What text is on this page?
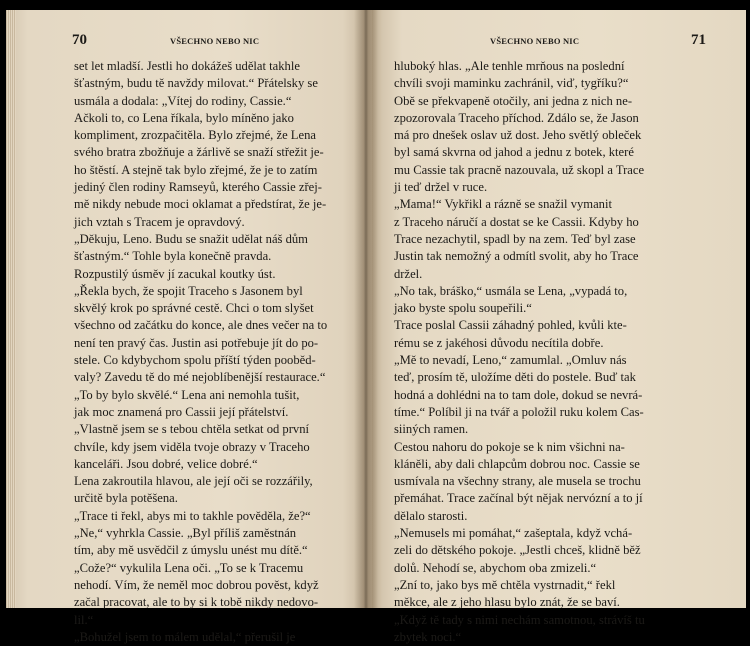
70	VŠECHNO NEBO NIC
set let mladší. Jestli ho dokážeš udělat takhle
šťastným, budu tě navždy milovat.“ Přátelsky se
usmála a dodala: „Vítej do rodiny, Cassie.“
Ačkoli to, co Lena říkala, bylo míněno jako
kompliment, zrozpačitěla. Bylo zřejmé, že Lena
svého bratra zbožňuje a žárlivě se snaží střežit je-
ho štěstí. A stejně tak bylo zřejmé, že je to zatím
jediný člen rodiny Ramseyů, kterého Cassie zřej-
mě nikdy nebude moci oklamat a předstírat, že je-
jich vztah s Tracem je opravdový.
„Děkuju, Leno. Budu se snažit udělat náš dům
šťastným.“ Tohle byla konečně pravda.
Rozpustilý úsměv jí zacukal koutky úst.
„Řekla bych, že spojit Traceho s Jasonem byl
skvělý krok po správné cestě. Chci o tom slyšet
všechno od začátku do konce, ale dnes večer na to
není ten pravý čas. Justin asi potřebuje jít do po-
stele. Co kdybychom spolu příští týden pooběd-
valy? Zavedu tě do mé nejoblíbenější restaurace.“
„To by bylo skvělé.“ Lena ani nemohla tušit,
jak moc znamená pro Cassii její přátelství.
„Vlastně jsem se s tebou chtěla setkat od první
chvíle, kdy jsem viděla tvoje obrazy v Traceho
kanceláři. Jsou dobré, velice dobré.“
Lena zakroutila hlavou, ale její oči se rozzářily,
určitě byla potěšena.
„Trace ti řekl, abys mi to takhle pověděla, že?“
„Ne,“ vyhrkla Cassie. „Byl příliš zaměstnán
tím, aby mě usvědčil z úmyslu unést mu dítě.“
„Cože?“ vykulila Lena oči. „To se k Tracemu
nehodí. Vím, že neměl moc dobrou pověst, když
začal pracovat, ale to by si k tobě nikdy nedovo-
lil.“
„Bohužel jsem to málem udělal,“ přerušil je
71
VŠECHNO NEBO NIC
hluboký hlas. „Ale tenhle mrňous na poslední
chvíli svoji maminku zachránil, viď, tygříku?“
Obě se překvapeně otočily, ani jedna z nich ne-
zpozorovala Traceho příchod. Zdálo se, že Jason
má pro dnešek oslav už dost. Jeho světlý obleček
byl samá skvrna od jahod a jednu z botek, které
mu Cassie tak pracně nazouvala, už skopl a Trace
ji teď držel v ruce.
„Mama!“ Vykřikl a rázně se snažil vymanit
z Traceho náručí a dostat se ke Cassii. Kdyby ho
Trace nezachytil, spadl by na zem. Teď byl zase
Justin tak nemožný a odmítl svolit, aby ho Trace
držel.
„No tak, bráško,“ usmála se Lena, „vypadá to,
jako byste spolu soupeřili.“
Trace poslal Cassii záhadný pohled, kvůli kte-
rému se z jakéhosi důvodu necítila dobře.
„Mě to nevadí, Leno,“ zamumlal. „Omluv nás
teď, prosím tě, uložíme děti do postele. Buď tak
hodná a dohlédni na to tam dole, dokud se nevrá-
tíme.“ Políbil ji na tvář a položil ruku kolem Cas-
siiných ramen.
Cestou nahoru do pokoje se k nim všichni na-
kláněli, aby dali chlapcům dobrou noc. Cassie se
usmívala na všechny strany, ale musela se trochu
přemáhat. Trace začínal být nějak nervózní a to jí
dělalo starosti.
„Nemusels mi pomáhat,“ zašeptala, když vchá-
zeli do dětského pokoje. „Jestli chceš, klidně běž
dolů. Nehodí se, abychom oba zmizeli.“
„Zní to, jako bys mě chtěla vystrnadit,“ řekl
měkce, ale z jeho hlasu bylo znát, že se baví.
„Když tě tady s nimi nechám samotnou, strávíš tu
zbytek noci.“
